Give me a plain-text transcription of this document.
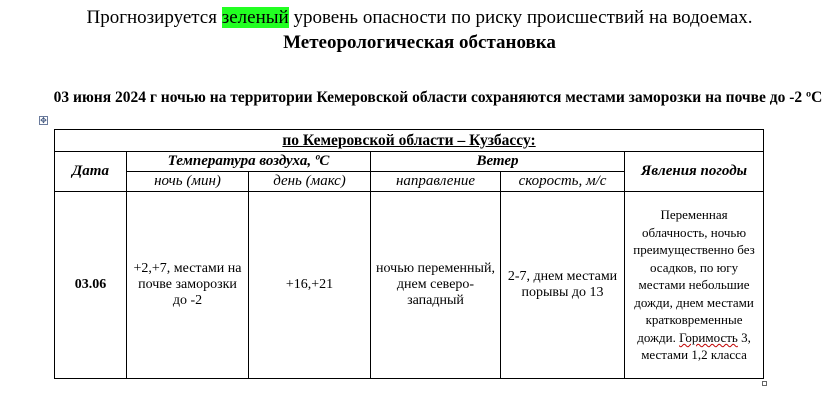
Прогнозируется зеленый уровень опасности по риску происшествий на водоемах.
Метеорологическая обстановка
03 июня 2024 г ночью на территории Кемеровской области сохраняются местами заморозки на почве до -2 ºС
✥
по Кемеровской области – Кузбассу:					
Дата	Температура воздуха, ºС		Ветер		Явления погоды
	ночь (мин)	день (макс)	направление	скорость, м/с	
03.06	+2,+7, местами на почве заморозки до -2	+16,+21	ночью переменный, днем северо-западный	2-7, днем местами порывы до 13	Переменная облачность, ночью преимущественно без осадков, по югу местами небольшие дожди, днем местами кратковременные дожди. Горимость 3, местами 1,2 класса
